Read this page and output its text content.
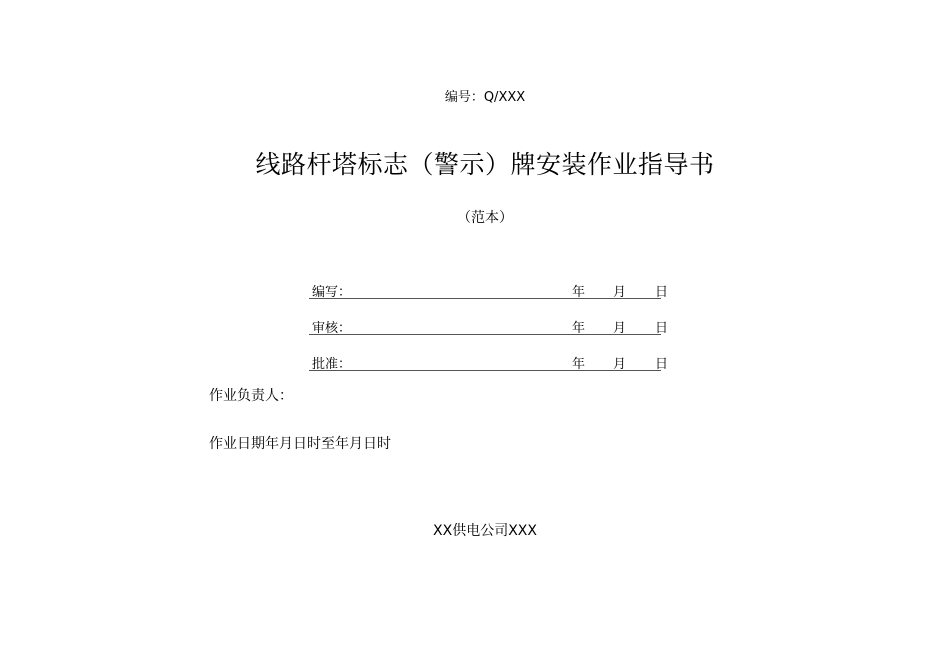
编号：Q/XXX
线路杆塔标志（警示）牌安装作业指导书
（范本）
编写：	年 月 日
审核：	年 月 日
批准：	年 月 日
作业负责人：
作业日期年月日时至年月日时
XX供电公司XXX
